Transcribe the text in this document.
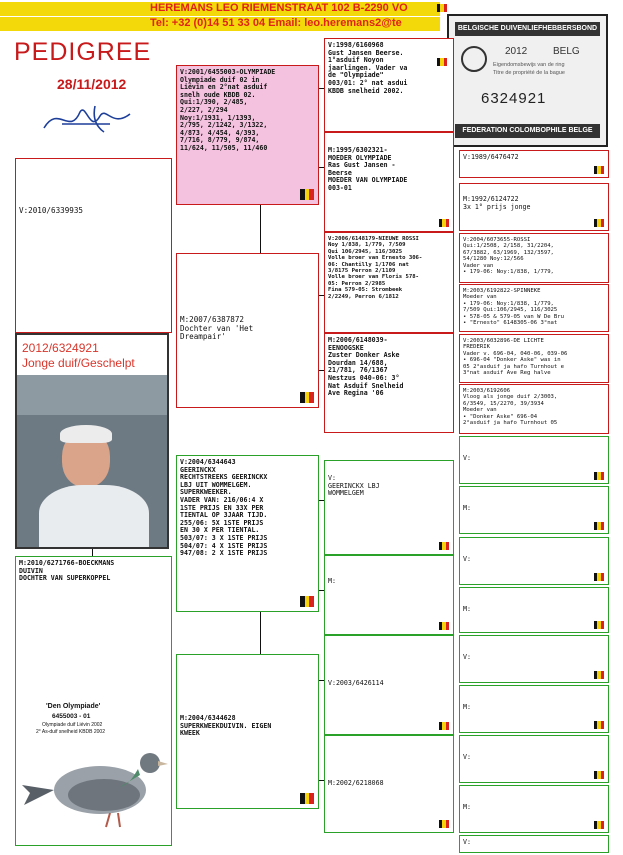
HEREMANS LEO RIEMENSTRAAT 102 B-2290 VO
Tel: +32 (0)14 51 33 04 Email: leo.heremans2@te
PEDIGREE
28/11/2012
BELGISCHE DUIVENLIEFHEBBERSBOND
2012	BELG
Eigendomsbewijs van de ring
Titre de propriété de la bague
6324921
FEDERATION COLOMBOPHILE BELGE
V:2010/6339935
2012/6324921
Jonge duif/Geschelpt
M:2010/6271766-BOECKMANS
DUIVIN
DOCHTER VAN SUPERKOPPEL
'Den Olympiade'
6455003 - 01
Olympiade duif Liévin 2002
2° As-duif snelheid KBDB 2002
V:2001/6455003-OLYMPIADE
Olympiade duif 02 in
Liévin en 2°nat asduif
snelh oude KBDB 02.
Qui:1/390, 2/485,
2/227, 2/294
Noy:1/1931, 1/1393,
2/795, 2/1242, 3/1322,
4/873, 4/454, 4/393,
7/716, 8/779, 9/874,
11/624, 11/505, 11/460
M:2007/6387872
Dochter van 'Het
Dreampair'
V:2004/6344643
GEERINCKX
RECHTSTREEKS GEERINCKX
LBJ UIT WOMMELGEM.
SUPERKWEEKER.
VADER VAN: 216/06:4 X
1STE PRIJS EN 33X PER
TIENTAL OP 3JAAR TIJD.
255/06: 5X 1STE PRIJS
EN 30 X PER TIENTAL.
503/07: 3 X 1STE PRIJS
504/07: 4 X 1STE PRIJS
947/08: 2 X 1STE PRIJS
M:2004/6344628
SUPERKWEEKDUIVIN. EIGEN
KWEEK
V:1998/6160968
Gust Jansen Beerse.
1°asduif Noyon
jaarlingen. Vader va
de "Olympiade"
003/01: 2° nat asdui
KBDB snelheid 2002.
M:1995/6302321-
MOEDER OLYMPIADE
Ras Gust Jansen -
Beerse
MOEDER VAN OLYMPIADE
003-01
V:2006/6148179-NIEUWE ROSSI
Noy 1/838, 1/779, 7/509
Qui 106/2945, 116/3025
Volle broer van Ernesto 306-
06: Chantilly 1/1706 nat
3/8175 Perron 2/1109
Volle broer van Floris 578-
05: Perron 2/2985
Fina 579-05: Strombeek
2/2249, Perron 6/1812
M:2006/6148039-
EENOOGSKE
Zuster Donker Aske
Dourdan 14/688,
21/781, 76/1367
Nestzus 040-06: 3°
Nat Asduif Snelheid
Ave Regina '06
V:
GEERINCKX LBJ
WOMMELGEM
M:
V:2003/6426114
M:2002/6218068
V:1989/6476472
M:1992/6124722
3x 1° prijs jonge
V:2004/6073655-ROSSI
Qui:1/2508, 2/158, 31/2204,
67/3882, 63/1969, 132/3597,
54/1280 Noy:12/566
Vader van
• 179-06: Noy:1/838, 1/779,
M:2003/6192822-SPINNEKE
Moeder van
• 179-06: Noy:1/838, 1/779,
7/509 Qui:106/2945, 116/3025
• 578-05 & 579-05 van W De Bru
• "Ernesto" 6148305-06 3°nat
V:2003/6032896-DE LICHTE
FREDERIK
Vader v. 696-04, 040-06, 039-06
• 696-04 "Donker Aske" was in
05 2°asduif ja hafo Turnhout e
3°nat asduif Ave Reg halve
M:2003/6192606
Vloog als jonge duif 2/3003,
6/3549, 15/2270, 39/3934
Moeder van
• "Donker Aske" 696-04
2°asduif ja hafo Turnhout 05
V:
M:
V:
M:
V:
M:
V:
M:
V:
